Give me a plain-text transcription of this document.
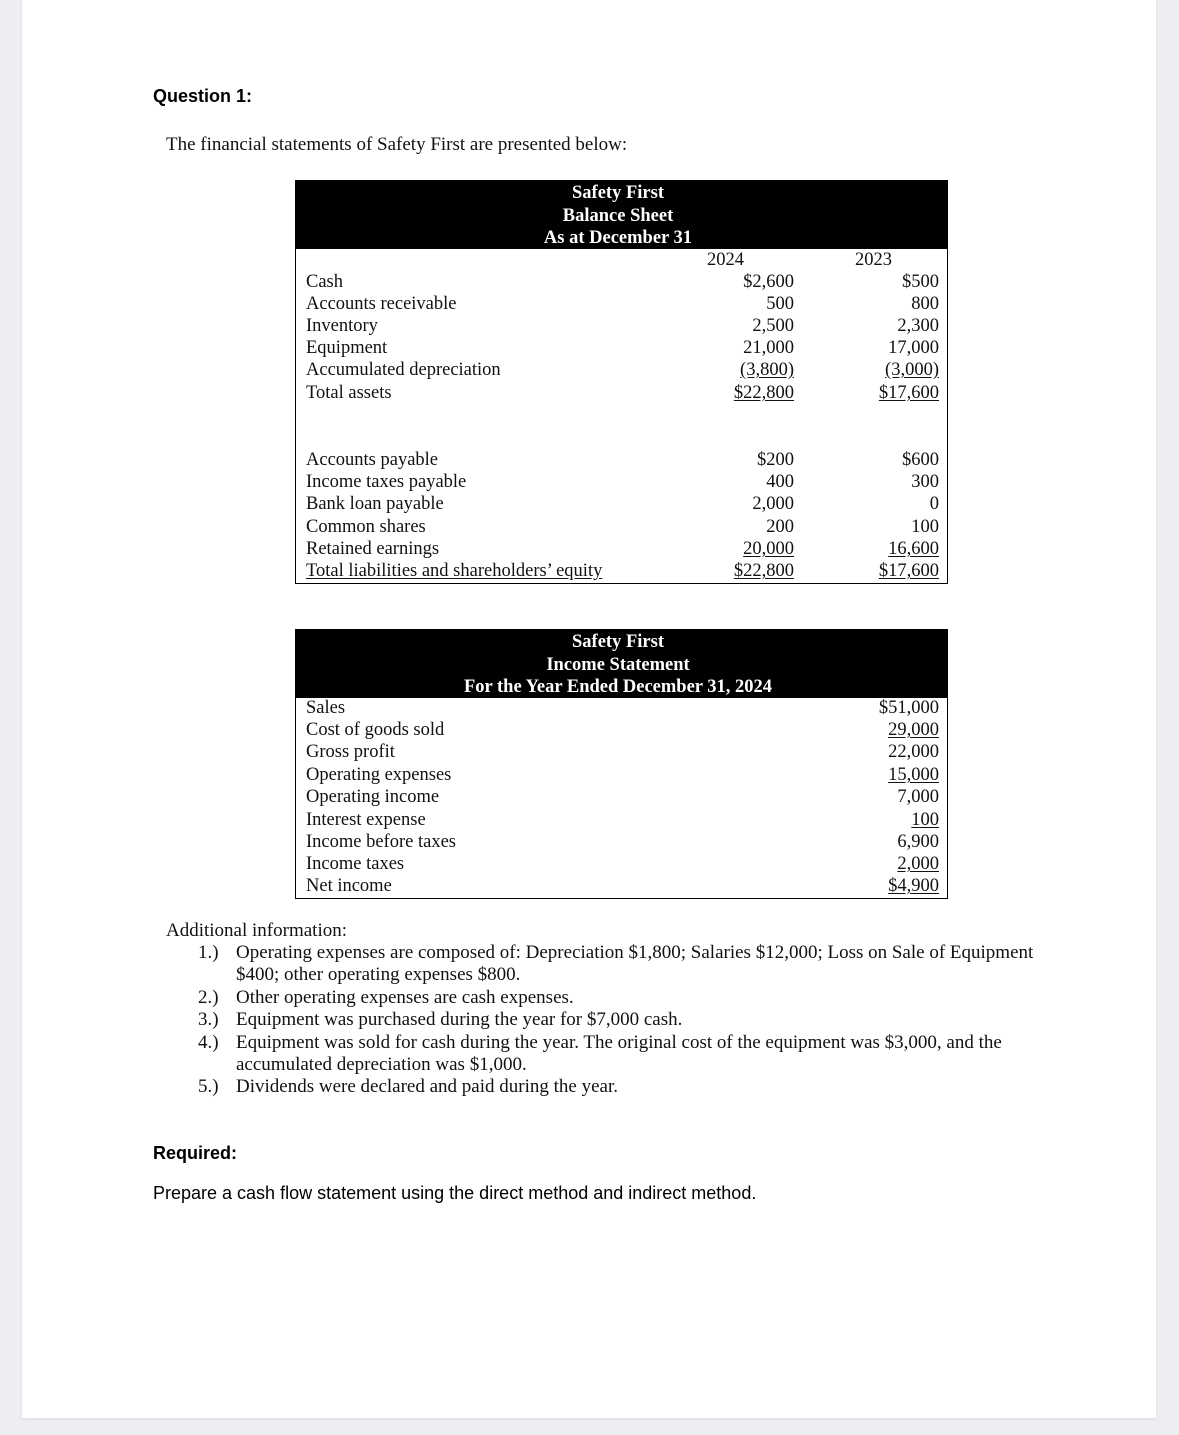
Question 1:
The financial statements of Safety First are presented below:
Safety First
Balance Sheet
As at December 31
2024	2023
Cash	$2,600	$500
Accounts receivable	500	800
Inventory	2,500	2,300
Equipment	21,000	17,000
Accumulated depreciation	(3,800)	(3,000)
Total assets	$22,800	$17,600
Accounts payable	$200	$600
Income taxes payable	400	300
Bank loan payable	2,000	0
Common shares	200	100
Retained earnings	20,000	16,600
Total liabilities and shareholders’ equity	$22,800	$17,600
Safety First
Income Statement
For the Year Ended December 31, 2024
Sales	$51,000
Cost of goods sold	29,000
Gross profit	22,000
Operating expenses	15,000
Operating income	7,000
Interest expense	100
Income before taxes	6,900
Income taxes	2,000
Net income	$4,900
Additional information:
1.) Operating expenses are composed of: Depreciation $1,800; Salaries $12,000; Loss on Sale of Equipment
$400; other operating expenses $800.
2.) Other operating expenses are cash expenses.
3.) Equipment was purchased during the year for $7,000 cash.
4.) Equipment was sold for cash during the year. The original cost of the equipment was $3,000, and the
accumulated depreciation was $1,000.
5.) Dividends were declared and paid during the year.
Required:
Prepare a cash flow statement using the direct method and indirect method.
